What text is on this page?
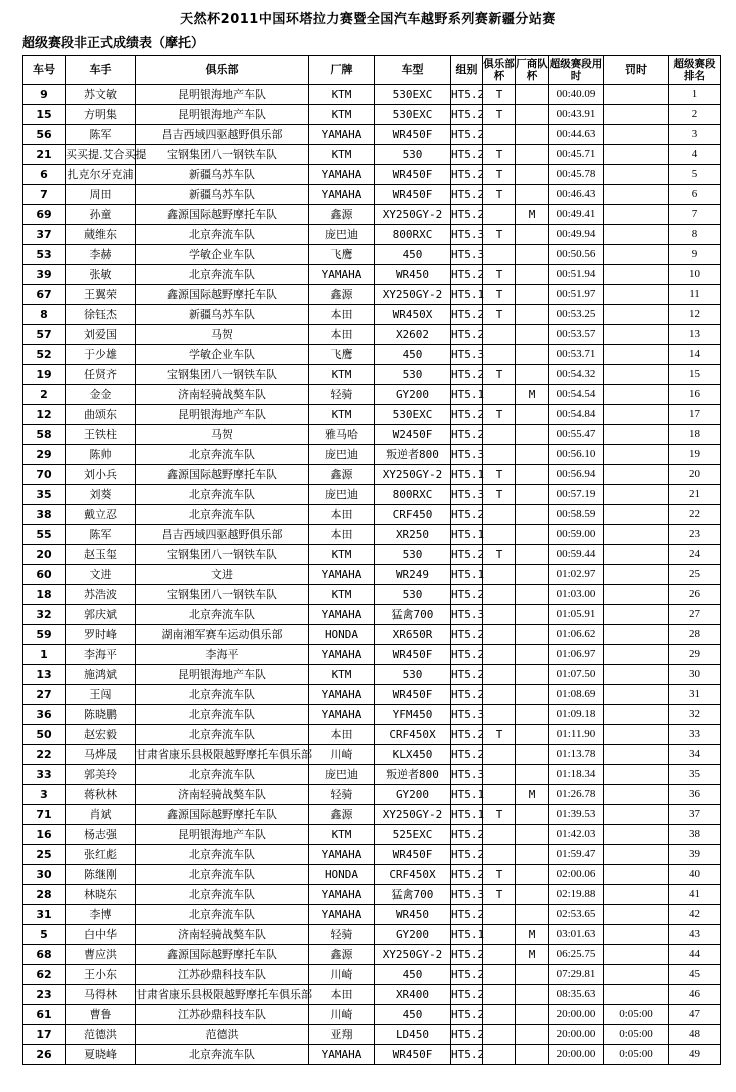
天然杯2011中国环塔拉力赛暨全国汽车越野系列赛新疆分站赛
超级赛段非正式成绩表（摩托）
车号	车手	俱乐部	厂牌	车型	组别	俱乐部杯	厂商队杯	超级赛段用时	罚时	超级赛段排名
9	苏文敏	昆明银海地产车队	KTM	530EXC	HT5.2	T		00:40.09		1
15	方明集	昆明银海地产车队	KTM	530EXC	HT5.2	T		00:43.91		2
56	陈军	昌吉西域四驱越野俱乐部	YAMAHA	WR450F	HT5.2			00:44.63		3
21	买买提.艾合买提	宝钢集团八一钢铁车队	KTM	530	HT5.2	T		00:45.71		4
6	扎克尔牙克浦	新疆乌苏车队	YAMAHA	WR450F	HT5.2	T		00:45.78		5
7	周田	新疆乌苏车队	YAMAHA	WR450F	HT5.2	T		00:46.43		6
69	孙童	鑫源国际越野摩托车队	鑫源	XY250GY-2	HT5.2		M	00:49.41		7
37	蒇维东	北京奔流车队	庞巴迪	800RXC	HT5.3	T		00:49.94		8
53	李赫	学敏企业车队	飞鹰	450	HT5.3			00:50.56		9
39	张敏	北京奔流车队	YAMAHA	WR450	HT5.2	T		00:51.94		10
67	王翼荣	鑫源国际越野摩托车队	鑫源	XY250GY-2	HT5.1	T		00:51.97		11
8	徐钰杰	新疆乌苏车队	本田	WR450X	HT5.2	T		00:53.25		12
57	刘爱国	马贺	本田	X2602	HT5.2			00:53.57		13
52	于少雄	学敏企业车队	飞鹰	450	HT5.3			00:53.71		14
19	任贤齐	宝钢集团八一钢铁车队	KTM	530	HT5.2	T		00:54.32		15
2	金金	济南轻骑战獒车队	轻骑	GY200	HT5.1		M	00:54.54		16
12	曲颂东	昆明银海地产车队	KTM	530EXC	HT5.2	T		00:54.84		17
58	王铁柱	马贺	雅马哈	W2450F	HT5.2			00:55.47		18
29	陈帅	北京奔流车队	庞巴迪	叛逆者800	HT5.3			00:56.10		19
70	刘小兵	鑫源国际越野摩托车队	鑫源	XY250GY-2	HT5.1	T		00:56.94		20
35	刘葵	北京奔流车队	庞巴迪	800RXC	HT5.3	T		00:57.19		21
38	戴立忍	北京奔流车队	本田	CRF450	HT5.2			00:58.59		22
55	陈军	昌吉西域四驱越野俱乐部	本田	XR250	HT5.1			00:59.00		23
20	赵玉玺	宝钢集团八一钢铁车队	KTM	530	HT5.2	T		00:59.44		24
60	文进	文进	YAMAHA	WR249	HT5.1			01:02.97		25
18	苏浩波	宝钢集团八一钢铁车队	KTM	530	HT5.2			01:03.00		26
32	郭庆斌	北京奔流车队	YAMAHA	猛禽700	HT5.3			01:05.91		27
59	罗时峰	湖南湘军赛车运动俱乐部	HONDA	XR650R	HT5.2			01:06.62		28
1	李海平	李海平	YAMAHA	WR450F	HT5.2			01:06.97		29
13	施鸿斌	昆明银海地产车队	KTM	530	HT5.2			01:07.50		30
27	王闯	北京奔流车队	YAMAHA	WR450F	HT5.2			01:08.69		31
36	陈晓鹏	北京奔流车队	YAMAHA	YFM450	HT5.3			01:09.18		32
50	赵宏毅	北京奔流车队	本田	CRF450X	HT5.2	T		01:11.90		33
22	马烨晟	甘肃省康乐县极限越野摩托车俱乐部	川崎	KLX450	HT5.2			01:13.78		34
33	郭美玲	北京奔流车队	庞巴迪	叛逆者800	HT5.3			01:18.34		35
3	蒋秋林	济南轻骑战獒车队	轻骑	GY200	HT5.1		M	01:26.78		36
71	肖斌	鑫源国际越野摩托车队	鑫源	XY250GY-2	HT5.1	T		01:39.53		37
16	杨志强	昆明银海地产车队	KTM	525EXC	HT5.2			01:42.03		38
25	张红彪	北京奔流车队	YAMAHA	WR450F	HT5.2			01:59.47		39
30	陈继刚	北京奔流车队	HONDA	CRF450X	HT5.2	T		02:00.06		40
28	林晓东	北京奔流车队	YAMAHA	猛禽700	HT5.3	T		02:19.88		41
31	李博	北京奔流车队	YAMAHA	WR450	HT5.2			02:53.65		42
5	白中华	济南轻骑战獒车队	轻骑	GY200	HT5.1		M	03:01.63		43
68	曹应洪	鑫源国际越野摩托车队	鑫源	XY250GY-2	HT5.2		M	06:25.75		44
62	王小东	江苏砂鼎科技车队	川崎	450	HT5.2			07:29.81		45
23	马得林	甘肃省康乐县极限越野摩托车俱乐部	本田	XR400	HT5.2			08:35.63		46
61	曹鲁	江苏砂鼎科技车队	川崎	450	HT5.2			20:00.00	0:05:00	47
17	范德洪	范德洪	亚翔	LD450	HT5.2			20:00.00	0:05:00	48
26	夏晓峰	北京奔流车队	YAMAHA	WR450F	HT5.2			20:00.00	0:05:00	49
